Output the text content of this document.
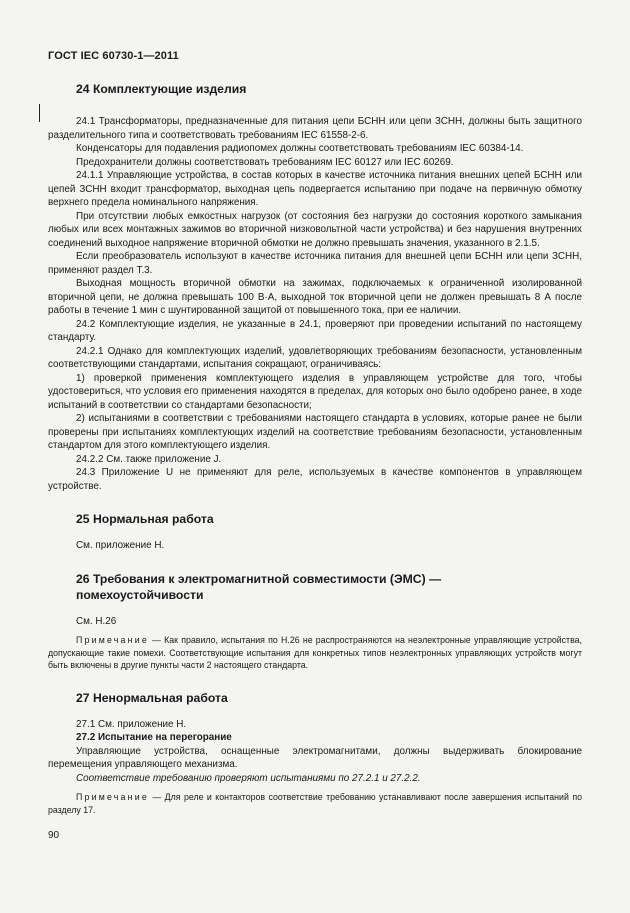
ГОСТ IEC 60730-1—2011
24 Комплектующие изделия

24.1 Трансформаторы, предназначенные для питания цепи БСНН или цепи ЗСНН, должны быть защитного разделительного типа и соответствовать требованиям IEC 61558-2-6.

Конденсаторы для подавления радиопомех должны соответствовать требованиям IEC 60384-14.

Предохранители должны соответствовать требованиям IEC 60127 или IEC 60269.

24.1.1 Управляющие устройства, в состав которых в качестве источника питания внешних цепей БСНН или цепей ЗСНН входит трансформатор, выходная цепь подвергается испытанию при подаче на первичную обмотку верхнего предела номинального напряжения.

При отсутствии любых емкостных нагрузок (от состояния без нагрузки до состояния короткого замыкания любых или всех монтажных зажимов во вторичной низковольтной части устройства) и без нарушения внутренних соединений выходное напряжение вторичной обмотки не должно превышать значения, указанного в 2.1.5.

Если преобразователь используют в качестве источника питания для внешней цепи БСНН или цепи ЗСНН, применяют раздел Т.3.

Выходная мощность вторичной обмотки на зажимах, подключаемых к ограниченной изолированной вторичной цепи, не должна превышать 100 В·А, выходной ток вторичной цепи не должен превышать 8 А после работы в течение 1 мин с шунтированной защитой от повышенного тока, при ее наличии.

24.2 Комплектующие изделия, не указанные в 24.1, проверяют при проведении испытаний по настоящему стандарту.

24.2.1 Однако для комплектующих изделий, удовлетворяющих требованиям безопасности, установленным соответствующими стандартами, испытания сокращают, ограничиваясь:

1) проверкой применения комплектующего изделия в управляющем устройстве для того, чтобы удостовериться, что условия его применения находятся в пределах, для которых оно было одобрено ранее, в ходе испытаний в соответствии со стандартами безопасности;

2) испытаниями в соответствии с требованиями настоящего стандарта в условиях, которые ранее не были проверены при испытаниях комплектующих изделий на соответствие требованиям безопасности, установленным стандартом для этого комплектующего изделия.

24.2.2 См. также приложение J.

24.3 Приложение U не применяют для реле, используемых в качестве компонентов в управляющем устройстве.

25 Нормальная работа

См. приложение Н.

26 Требования к электромагнитной совместимости (ЭМС) —
помехоустойчивости

См. Н.26

Примечание — Как правило, испытания по Н.26 не распространяются на неэлектронные управляющие устройства, допускающие такие помехи. Соответствующие испытания для конкретных типов неэлектронных управляющих устройств могут быть включены в другие пункты части 2 настоящего стандарта.

27 Ненормальная работа

27.1 См. приложение Н.

27.2 Испытание на перегорание

Управляющие устройства, оснащенные электромагнитами, должны выдерживать блокирование перемещения управляющего механизма.

Соответствие требованию проверяют испытаниями по 27.2.1 и 27.2.2.

Примечание — Для реле и контакторов соответствие требованию устанавливают после завершения испытаний по разделу 17.

90
